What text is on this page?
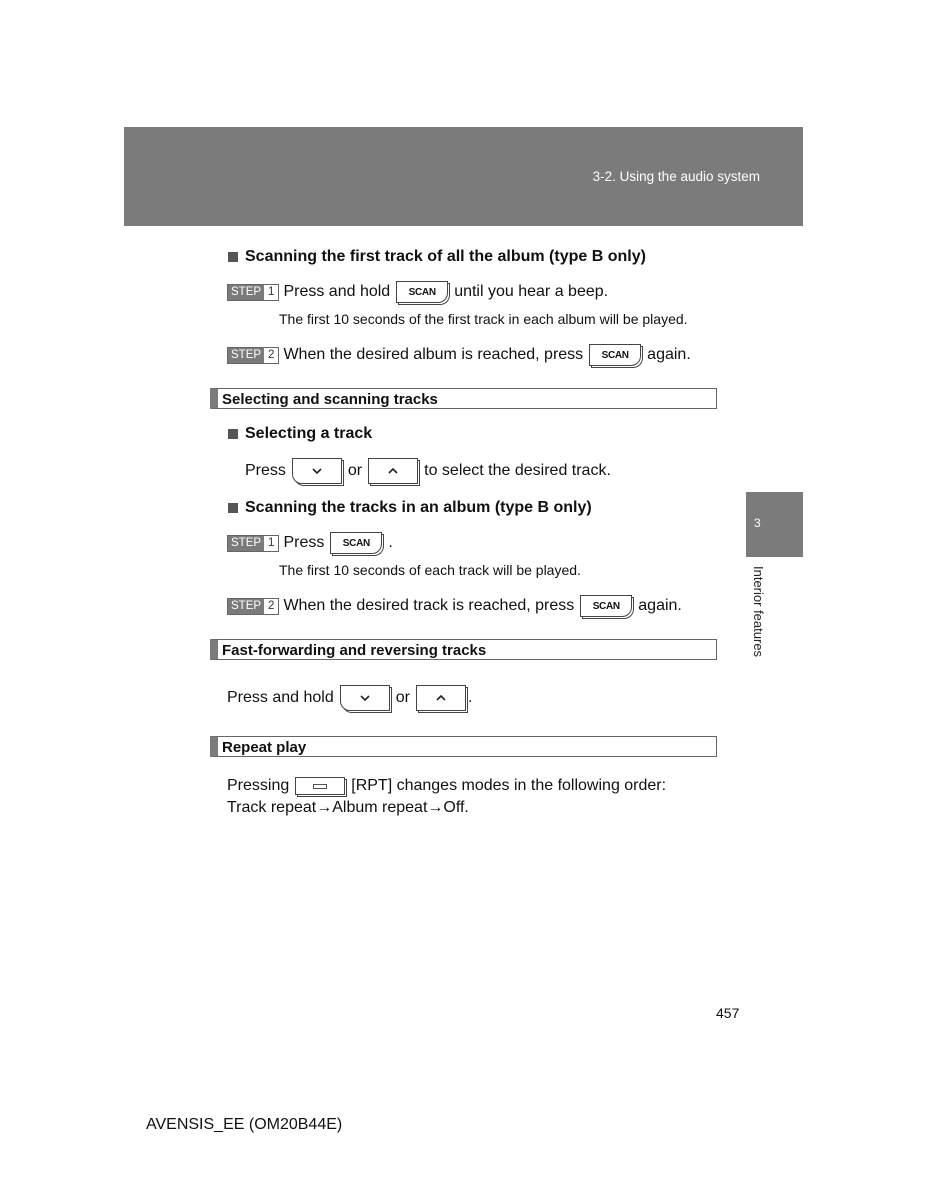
3-2. Using the audio system
3
Interior features
Scanning the first track of all the album (type B only)
STEP 1 Press and hold	SCAN	until you hear a beep.
The first 10 seconds of the first track in each album will be played.
STEP 2 When the desired album is reached, press	SCAN	again.
Selecting and scanning tracks
Selecting a track
Press	or	to select the desired track.
Scanning the tracks in an album (type B only)
STEP 1 Press	SCAN	.
The first 10 seconds of each track will be played.
STEP 2 When the desired track is reached, press	SCAN	again.
Fast-forwarding and reversing tracks
Press and hold	or	.
Repeat play
Pressing	[RPT] changes modes in the following order:
Track repeat→Album repeat→Off.
457
AVENSIS_EE (OM20B44E)
